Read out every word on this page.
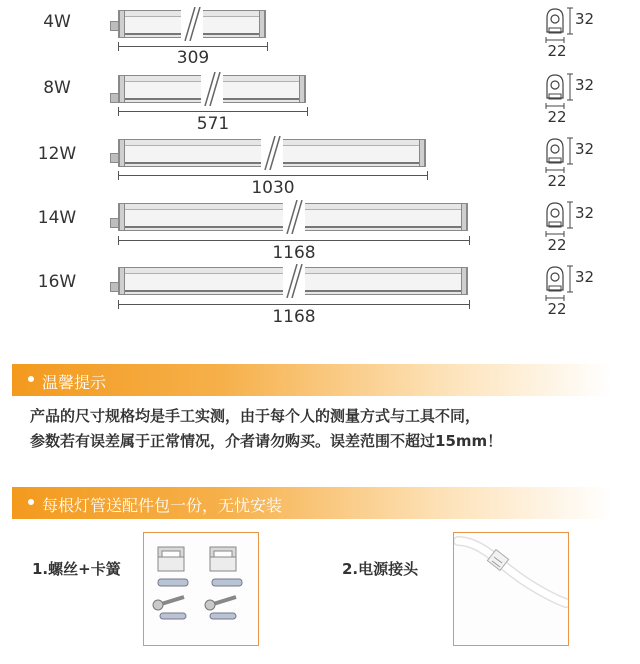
4W
309
8W
571
12W
1030
14W
1168
16W
1168
32
22
32
22
32
22
32
22
32
22
温馨提示
产品的尺寸规格均是手工实测，由于每个人的测量方式与工具不同，
参数若有误差属于正常情况，介者请勿购买。误差范围不超过15mm！
每根灯管送配件包一份，无忧安装
1.螺丝+卡簧	2.电源接头
